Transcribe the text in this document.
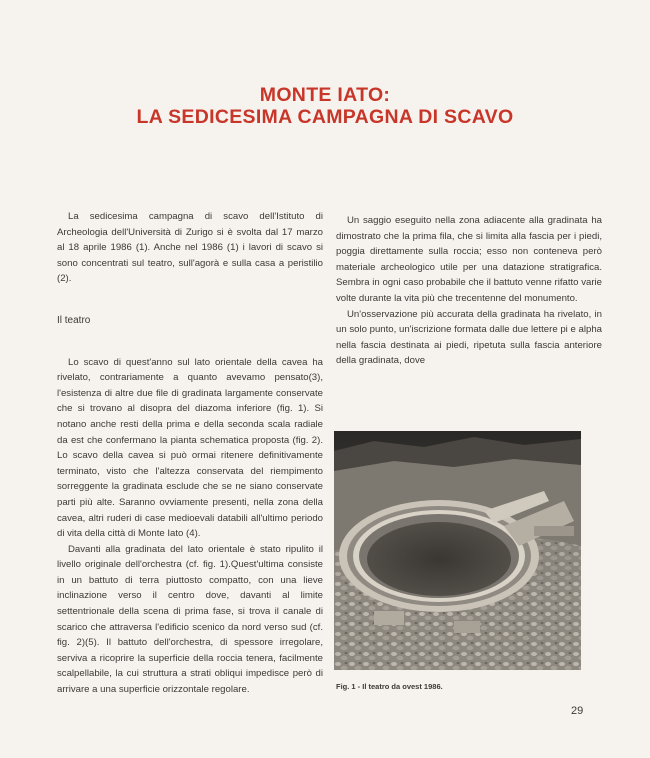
MONTE IATO:
LA SEDICESIMA CAMPAGNA DI SCAVO

La sedicesima campagna di scavo dell'Istituto di Archeologia dell'Università di Zurigo si è svolta dal 17 marzo al 18 aprile 1986 (1). Anche nel 1986 (1) i lavori di scavo si sono concentrati sul teatro, sull'agorà e sulla casa a peristilio (2).

Il teatro

Lo scavo di quest'anno sul lato orientale della cavea ha rivelato, contrariamente a quanto avevamo pensato(3), l'esistenza di altre due file di gradinata largamente conservate che si trovano al disopra del diazoma inferiore (fig. 1). Si notano anche resti della prima e della seconda scala radiale da est che confermano la pianta schematica proposta (fig. 2). Lo scavo della cavea si può ormai ritenere definitivamente terminato, visto che l'altezza conservata del riempimento sorreggente la gradinata esclude che se ne siano conservate parti più alte. Saranno ovviamente presenti, nella zona della cavea, altri ruderi di case medioevali databili all'ultimo periodo di vita della città di Monte Iato (4).

Davanti alla gradinata del lato orientale è stato ripulito il livello originale dell'orchestra (cf. fig. 1).Quest'ultima consiste in un battuto di terra piuttosto compatto, con una lieve inclinazione verso il centro dove, davanti al limite settentrionale della scena di prima fase, si trova il canale di scarico che attraversa l'edificio scenico da nord verso sud (cf. fig. 2)(5). Il battuto dell'orchestra, di spessore irregolare, serviva a ricoprire la superficie della roccia tenera, facilmente scalpellabile, la cui struttura a strati obliqui impedisce però di arrivare a una superficie orizzontale regolare.

Un saggio eseguito nella zona adiacente alla gradinata ha dimostrato che la prima fila, che si limita alla fascia per i piedi, poggia direttamente sulla roccia; esso non conteneva però materiale archeologico utile per una datazione stratigrafica. Sembra in ogni caso probabile che il battuto venne rifatto varie volte durante la vita più che trecentenne del monumento.

Un'osservazione più accurata della gradinata ha rivelato, in un solo punto, un'iscrizione formata dalle due lettere pi e alpha nella fascia destinata ai piedi, ripetuta sulla fascia anteriore della gradinata, dove

Fig. 1 - Il teatro da ovest 1986.
29
